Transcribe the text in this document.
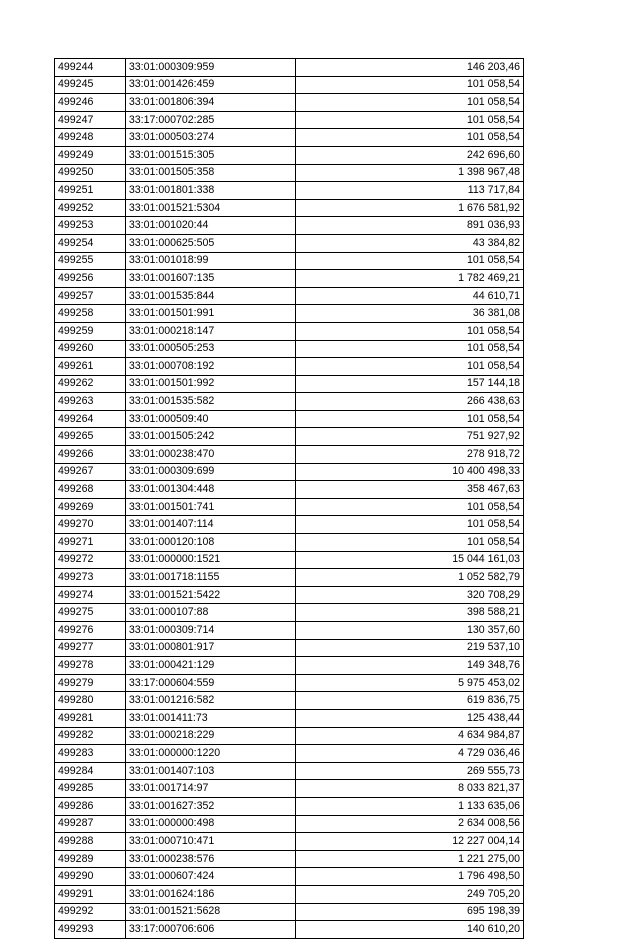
499244	33:01:000309:959	146 203,46
499245	33:01:001426:459	101 058,54
499246	33:01:001806:394	101 058,54
499247	33:17:000702:285	101 058,54
499248	33:01:000503:274	101 058,54
499249	33:01:001515:305	242 696,60
499250	33:01:001505:358	1 398 967,48
499251	33:01:001801:338	113 717,84
499252	33:01:001521:5304	1 676 581,92
499253	33:01:001020:44	891 036,93
499254	33:01:000625:505	43 384,82
499255	33:01:001018:99	101 058,54
499256	33:01:001607:135	1 782 469,21
499257	33:01:001535:844	44 610,71
499258	33:01:001501:991	36 381,08
499259	33:01:000218:147	101 058,54
499260	33:01:000505:253	101 058,54
499261	33:01:000708:192	101 058,54
499262	33:01:001501:992	157 144,18
499263	33:01:001535:582	266 438,63
499264	33:01:000509:40	101 058,54
499265	33:01:001505:242	751 927,92
499266	33:01:000238:470	278 918,72
499267	33:01:000309:699	10 400 498,33
499268	33:01:001304:448	358 467,63
499269	33:01:001501:741	101 058,54
499270	33:01:001407:114	101 058,54
499271	33:01:000120:108	101 058,54
499272	33:01:000000:1521	15 044 161,03
499273	33:01:001718:1155	1 052 582,79
499274	33:01:001521:5422	320 708,29
499275	33:01:000107:88	398 588,21
499276	33:01:000309:714	130 357,60
499277	33:01:000801:917	219 537,10
499278	33:01:000421:129	149 348,76
499279	33:17:000604:559	5 975 453,02
499280	33:01:001216:582	619 836,75
499281	33:01:001411:73	125 438,44
499282	33:01:000218:229	4 634 984,87
499283	33:01:000000:1220	4 729 036,46
499284	33:01:001407:103	269 555,73
499285	33:01:001714:97	8 033 821,37
499286	33:01:001627:352	1 133 635,06
499287	33:01:000000:498	2 634 008,56
499288	33:01:000710:471	12 227 004,14
499289	33:01:000238:576	1 221 275,00
499290	33:01:000607:424	1 796 498,50
499291	33:01:001624:186	249 705,20
499292	33:01:001521:5628	695 198,39
499293	33:17:000706:606	140 610,20
